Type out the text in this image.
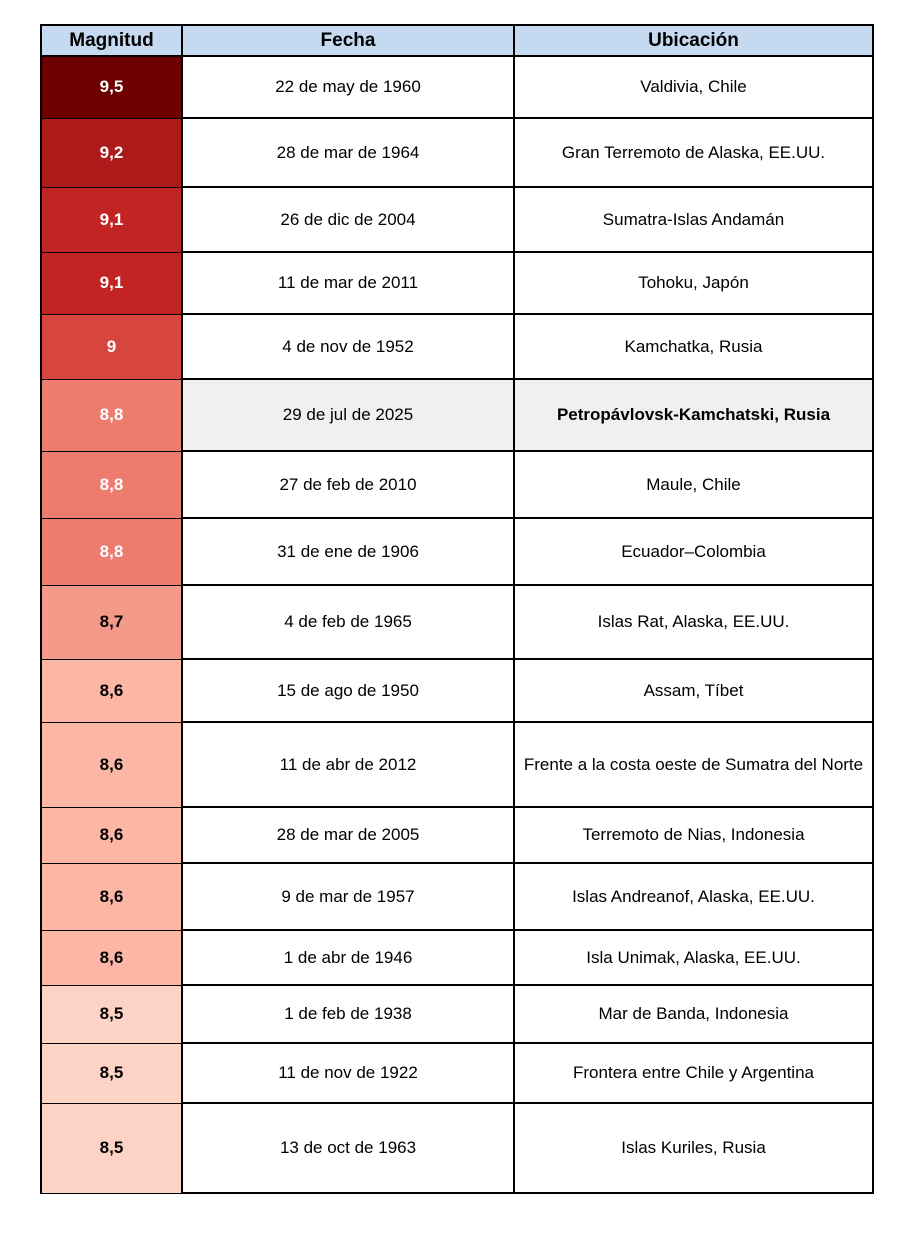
Magnitud	Fecha	Ubicación
9,5	22 de may de 1960	Valdivia, Chile
9,2	28 de mar de 1964	Gran Terremoto de Alaska, EE.UU.
9,1	26 de dic de 2004	Sumatra-Islas Andamán
9,1	11 de mar de 2011	Tohoku, Japón
9	4 de nov de 1952	Kamchatka, Rusia
8,8	29 de jul de 2025	Petropávlovsk-Kamchatski, Rusia
8,8	27 de feb de 2010	Maule, Chile
8,8	31 de ene de 1906	Ecuador–Colombia
8,7	4 de feb de 1965	Islas Rat, Alaska, EE.UU.
8,6	15 de ago de 1950	Assam, Tíbet
8,6	11 de abr de 2012	Frente a la costa oeste de Sumatra del Norte
8,6	28 de mar de 2005	Terremoto de Nias, Indonesia
8,6	9 de mar de 1957	Islas Andreanof, Alaska, EE.UU.
8,6	1 de abr de 1946	Isla Unimak, Alaska, EE.UU.
8,5	1 de feb de 1938	Mar de Banda, Indonesia
8,5	11 de nov de 1922	Frontera entre Chile y Argentina
8,5	13 de oct de 1963	Islas Kuriles, Rusia
